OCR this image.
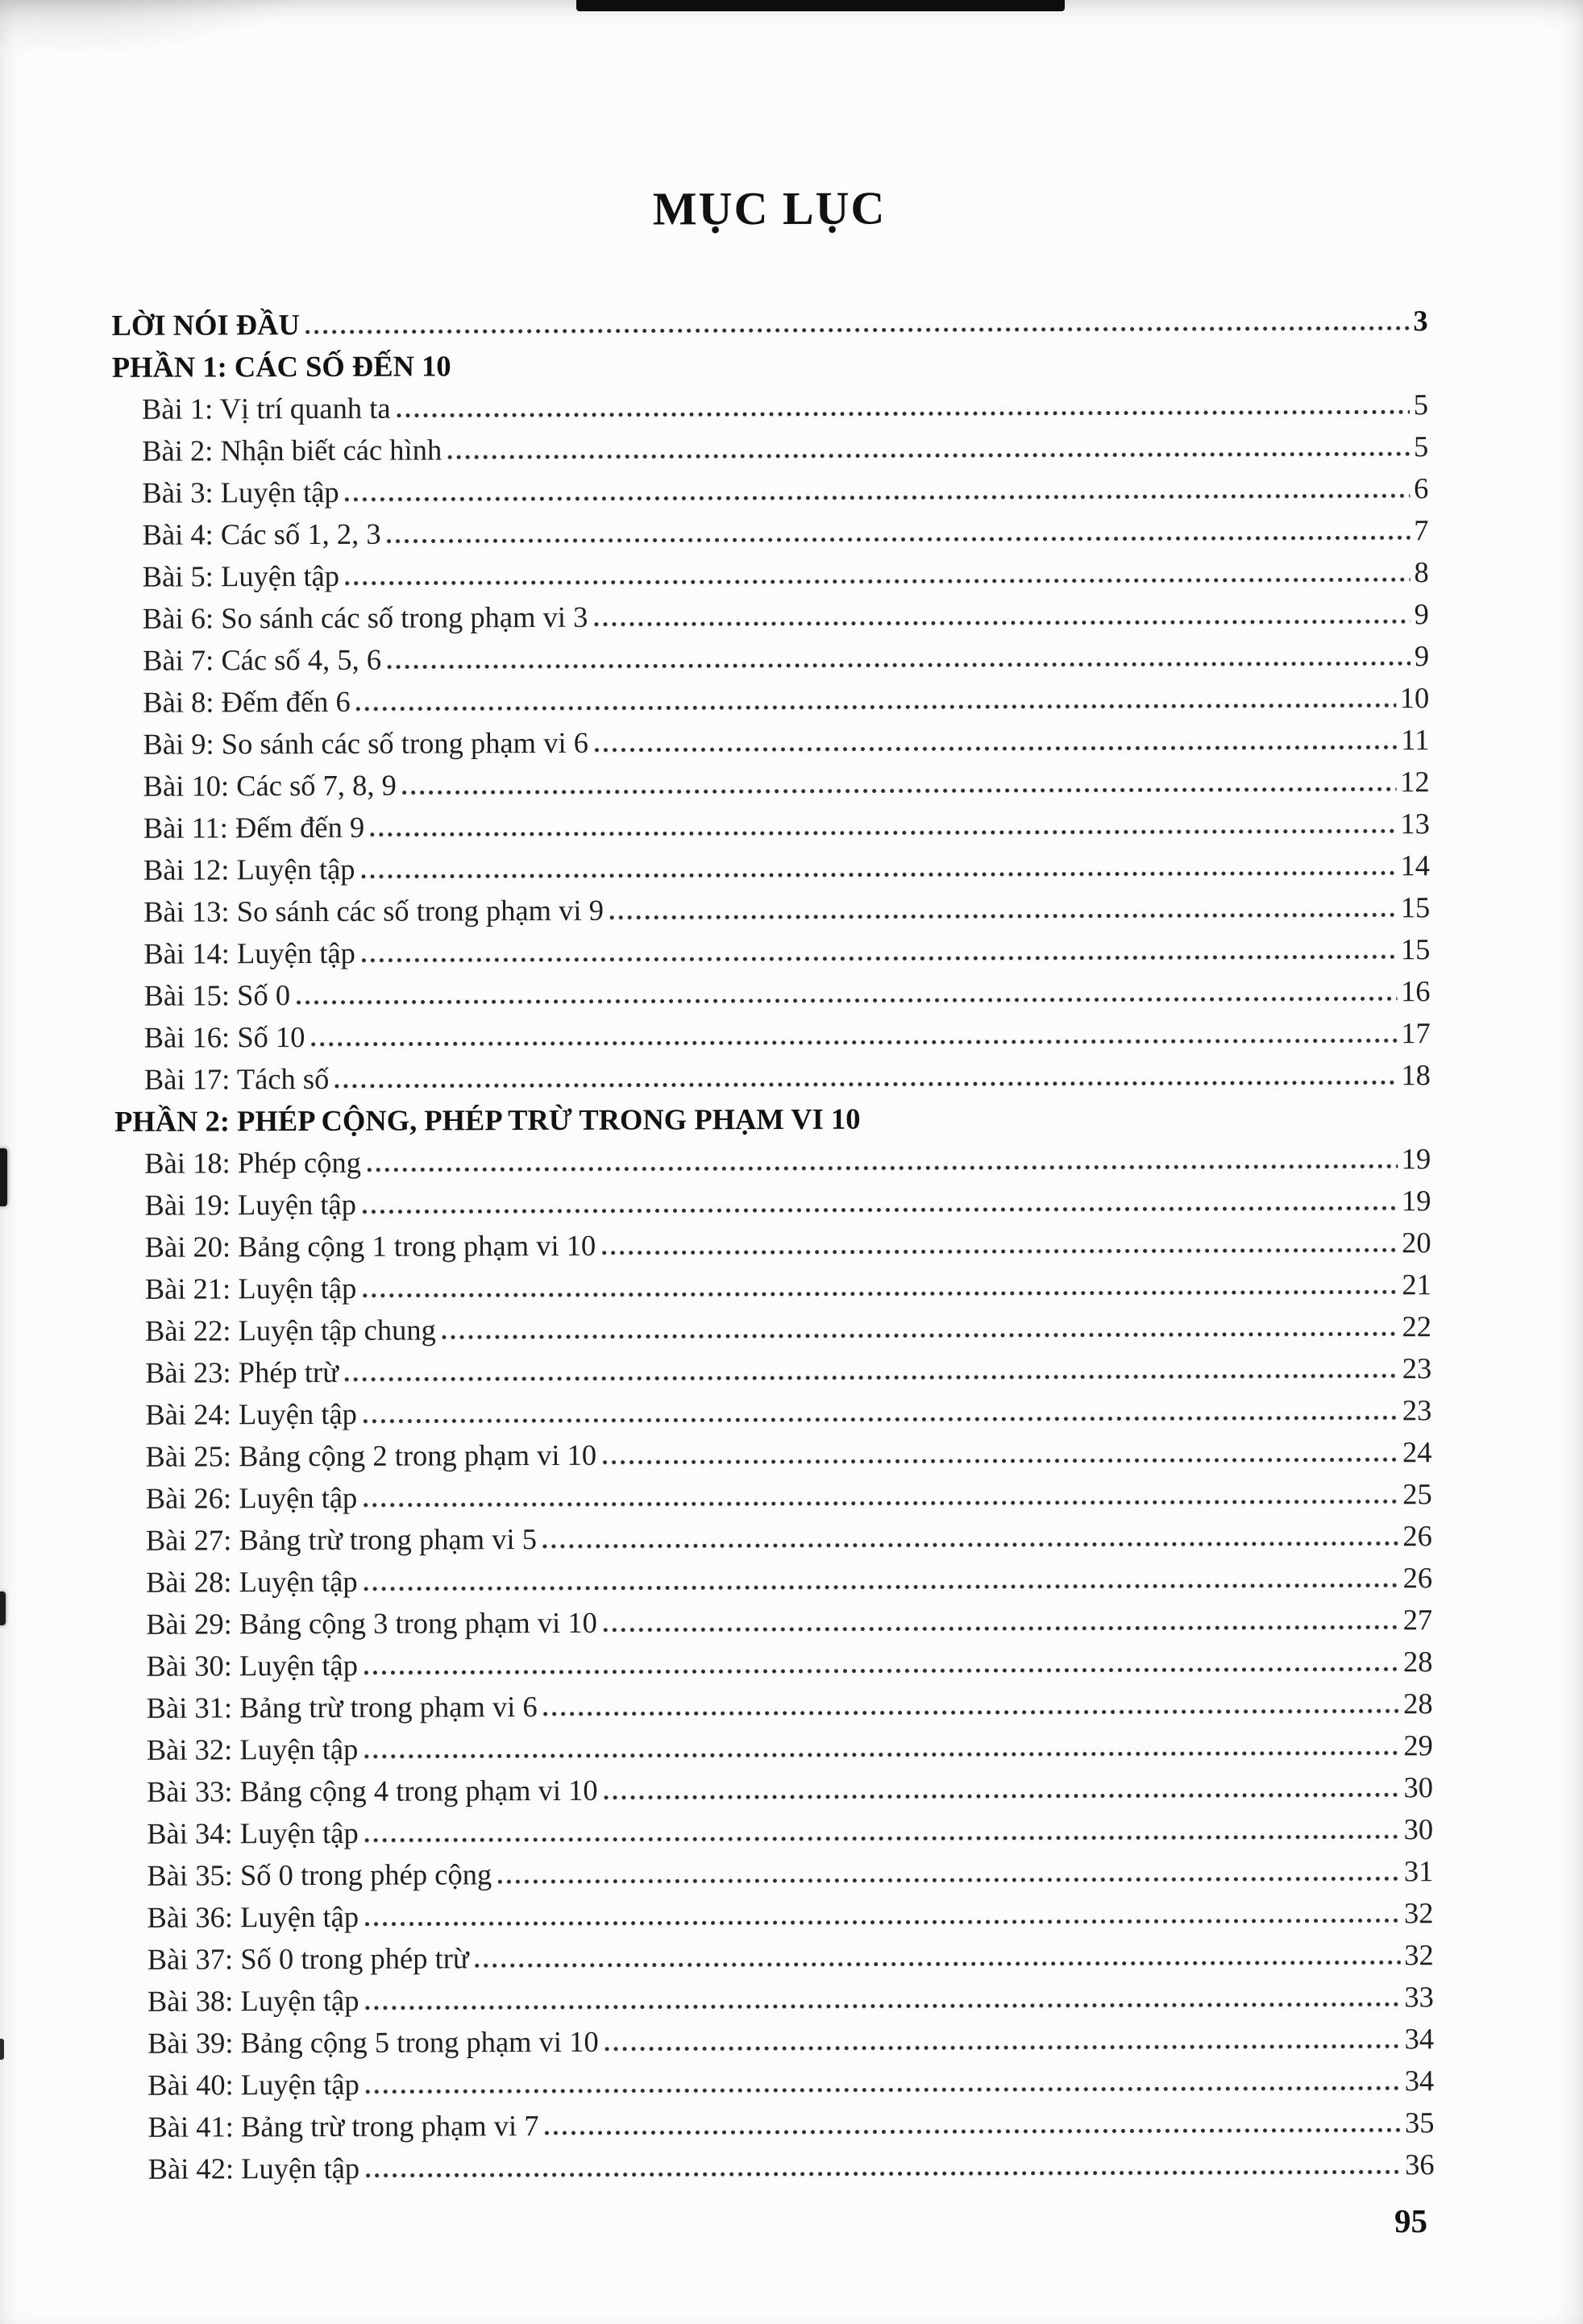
MỤC LỤC
LỜI NÓI ĐẦU	3
PHẦN 1: CÁC SỐ ĐẾN 10
Bài 1: Vị trí quanh ta	5
Bài 2: Nhận biết các hình	5
Bài 3: Luyện tập	6
Bài 4: Các số 1, 2, 3	7
Bài 5: Luyện tập	8
Bài 6: So sánh các số trong phạm vi 3	9
Bài 7: Các số 4, 5, 6	9
Bài 8: Đếm đến 6	10
Bài 9: So sánh các số trong phạm vi 6	11
Bài 10: Các số 7, 8, 9	12
Bài 11: Đếm đến 9	13
Bài 12: Luyện tập	14
Bài 13: So sánh các số trong phạm vi 9	15
Bài 14: Luyện tập	15
Bài 15: Số 0	16
Bài 16: Số 10	17
Bài 17: Tách số	18
PHẦN 2: PHÉP CỘNG, PHÉP TRỪ TRONG PHẠM VI 10
Bài 18: Phép cộng	19
Bài 19: Luyện tập	19
Bài 20: Bảng cộng 1 trong phạm vi 10	20
Bài 21: Luyện tập	21
Bài 22: Luyện tập chung	22
Bài 23: Phép trừ	23
Bài 24: Luyện tập	23
Bài 25: Bảng cộng 2 trong phạm vi 10	24
Bài 26: Luyện tập	25
Bài 27: Bảng trừ trong phạm vi 5	26
Bài 28: Luyện tập	26
Bài 29: Bảng cộng 3 trong phạm vi 10	27
Bài 30: Luyện tập	28
Bài 31: Bảng trừ trong phạm vi 6	28
Bài 32: Luyện tập	29
Bài 33: Bảng cộng 4 trong phạm vi 10	30
Bài 34: Luyện tập	30
Bài 35: Số 0 trong phép cộng	31
Bài 36: Luyện tập	32
Bài 37: Số 0 trong phép trừ	32
Bài 38: Luyện tập	33
Bài 39: Bảng cộng 5 trong phạm vi 10	34
Bài 40: Luyện tập	34
Bài 41: Bảng trừ trong phạm vi 7	35
Bài 42: Luyện tập	36
95
